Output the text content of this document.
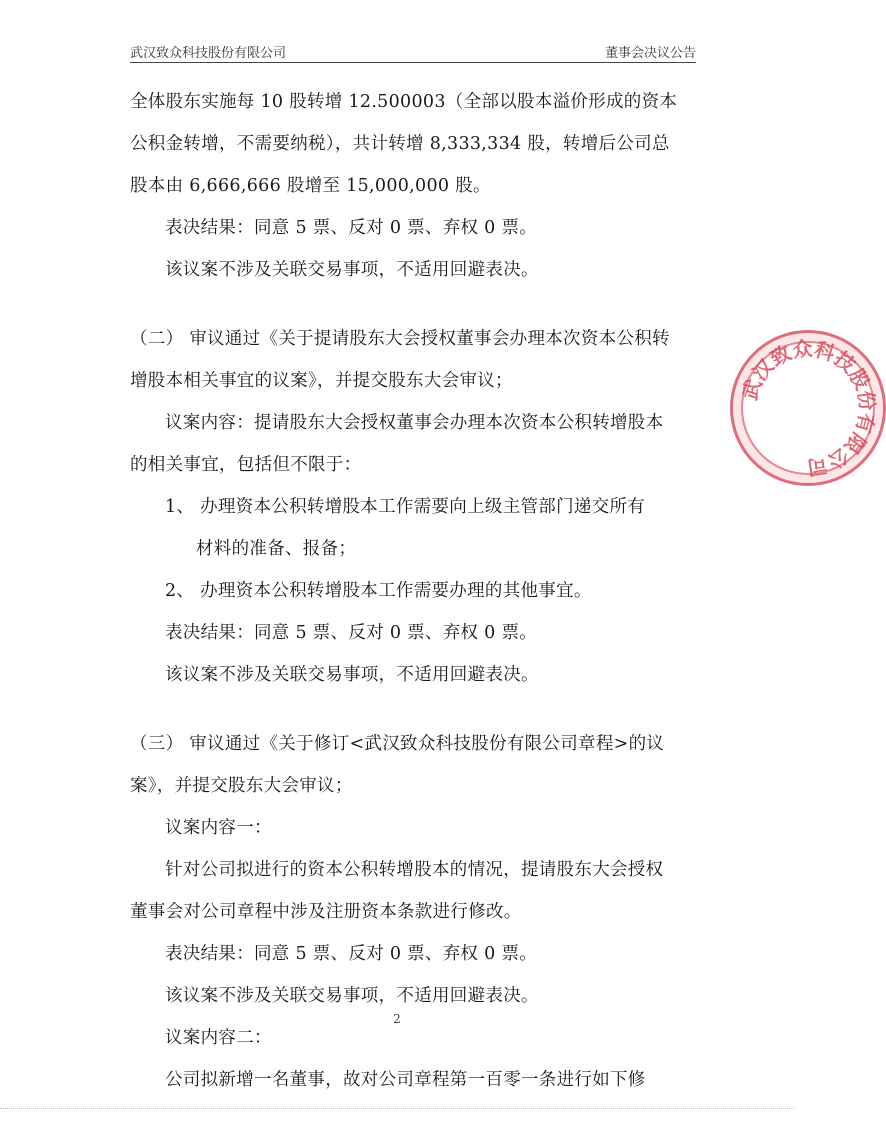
武汉致众科技股份有限公司	董事会决议公告
全体股东实施每 10 股转增 12.500003（全部以股本溢价形成的资本
公积金转增，不需要纳税），共计转增 8,333,334 股，转增后公司总
股本由 6,666,666 股增至 15,000,000 股。
表决结果：同意 5 票、反对 0 票、弃权 0 票。
该议案不涉及关联交易事项，不适用回避表决。
（二） 审议通过《关于提请股东大会授权董事会办理本次资本公积转
增股本相关事宜的议案》，并提交股东大会审议；
议案内容：提请股东大会授权董事会办理本次资本公积转增股本
的相关事宜，包括但不限于：
1、 办理资本公积转增股本工作需要向上级主管部门递交所有
材料的准备、报备；
2、 办理资本公积转增股本工作需要办理的其他事宜。
表决结果：同意 5 票、反对 0 票、弃权 0 票。
该议案不涉及关联交易事项，不适用回避表决。
（三） 审议通过《关于修订<武汉致众科技股份有限公司章程>的议
案》，并提交股东大会审议；
议案内容一：
针对公司拟进行的资本公积转增股本的情况，提请股东大会授权
董事会对公司章程中涉及注册资本条款进行修改。
表决结果：同意 5 票、反对 0 票、弃权 0 票。
该议案不涉及关联交易事项，不适用回避表决。
议案内容二：
公司拟新增一名董事，故对公司章程第一百零一条进行如下修
2
武汉致众科技股份有限公司
